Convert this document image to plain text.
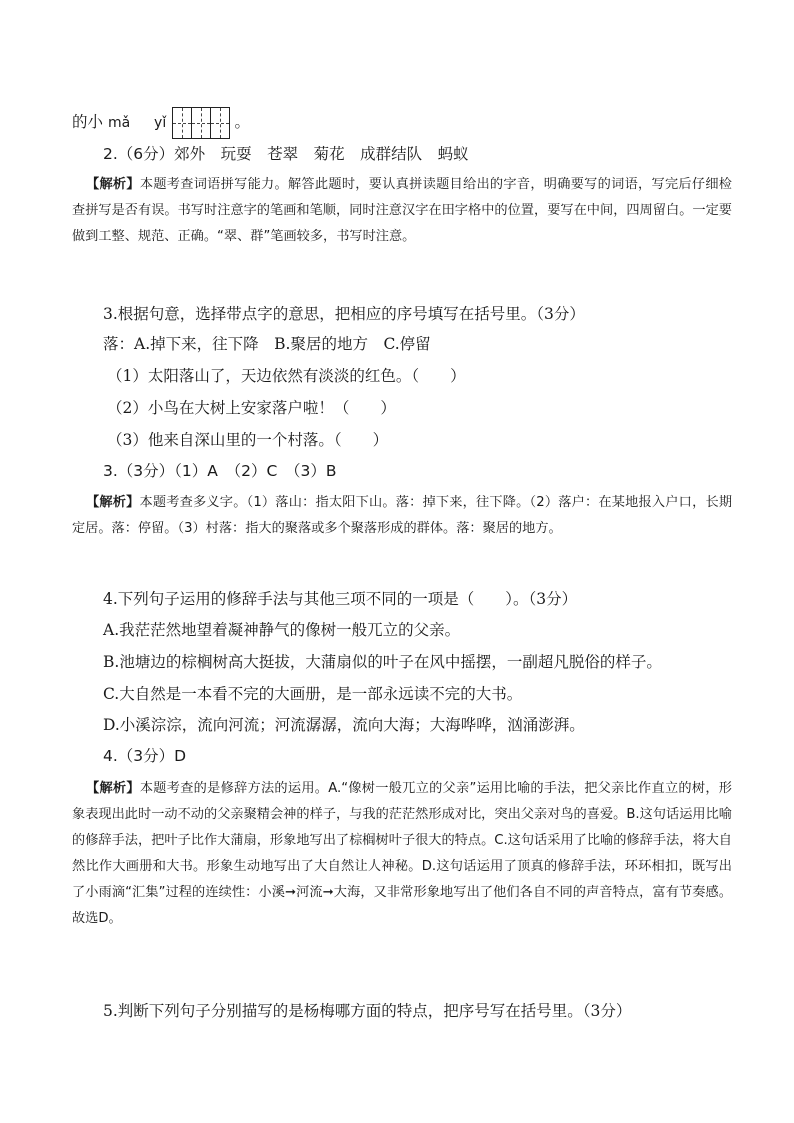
的小 mǎ yǐ	。
2.（6分）郊外　玩耍　苍翠　菊花　成群结队　蚂蚁

【解析】本题考查词语拼写能力。解答此题时，要认真拼读题目给出的字音，明确要写的词语，写完后仔细检查拼写是否有误。书写时注意字的笔画和笔顺，同时注意汉字在田字格中的位置，要写在中间，四周留白。一定要做到工整、规范、正确。“翠、群”笔画较多，书写时注意。

3.根据句意，选择带点字的意思，把相应的序号填写在括号里。（3分）
落：A.掉下来，往下降　B.聚居的地方　C.停留
（1）太阳落山了，天边依然有淡淡的红色。（　　）
（2）小鸟在大树上安家落户啦！（　　）
（3）他来自深山里的一个村落。（　　）
3.（3分）（1）A　（2）C　（3）B

【解析】本题考查多义字。（1）落山：指太阳下山。落：掉下来，往下降。（2）落户：在某地报入户口，长期定居。落：停留。（3）村落：指大的聚落或多个聚落形成的群体。落：聚居的地方。

4.下列句子运用的修辞手法与其他三项不同的一项是（　　）。（3分）
A.我茫茫然地望着凝神静气的像树一般兀立的父亲。
B.池塘边的棕榈树高大挺拔，大蒲扇似的叶子在风中摇摆，一副超凡脱俗的样子。
C.大自然是一本看不完的大画册，是一部永远读不完的大书。
D.小溪淙淙，流向河流；河流潺潺，流向大海；大海哗哗，汹涌澎湃。
4.（3分）D

【解析】本题考查的是修辞方法的运用。A.“像树一般兀立的父亲”运用比喻的手法，把父亲比作直立的树，形象表现出此时一动不动的父亲聚精会神的样子，与我的茫茫然形成对比，突出父亲对鸟的喜爱。B.这句话运用比喻的修辞手法，把叶子比作大蒲扇，形象地写出了棕榈树叶子很大的特点。C.这句话采用了比喻的修辞手法，将大自然比作大画册和大书。形象生动地写出了大自然让人神秘。D.这句话运用了顶真的修辞手法，环环相扣，既写出了小雨滴“汇集”过程的连续性：小溪➞河流➞大海，又非常形象地写出了他们各自不同的声音特点，富有节奏感。故选D。

5.判断下列句子分别描写的是杨梅哪方面的特点，把序号写在括号里。（3分）
